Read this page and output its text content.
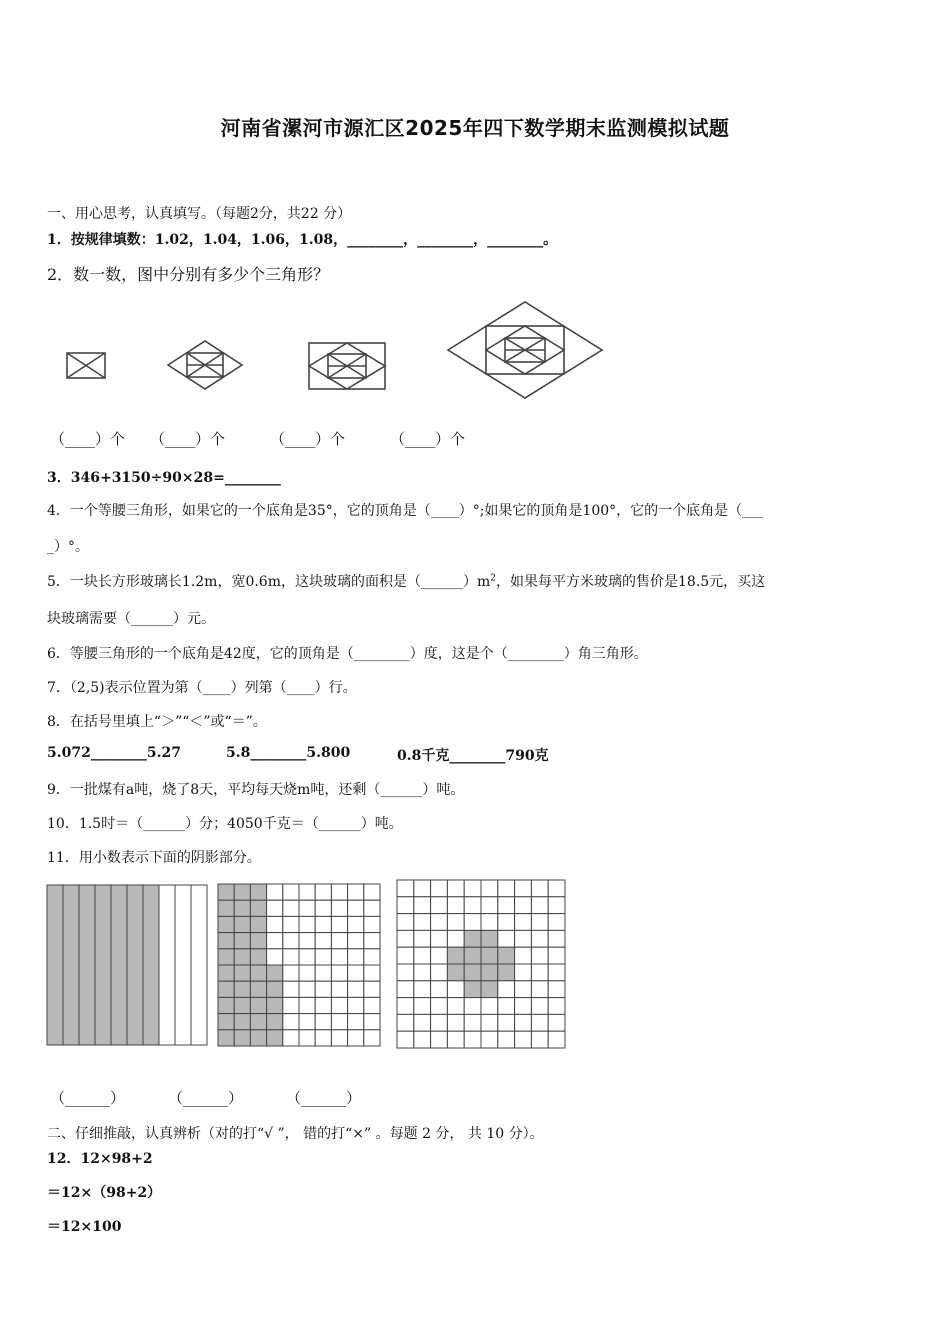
河南省漯河市源汇区2025年四下数学期末监测模拟试题
一、用心思考，认真填写。（每题2分，共22 分）
1．按规律填数：1.02，1.04，1.06，1.08，________，________，________。
2．数一数，图中分别有多少个三角形？
（____）个 （____）个	（____）个	（____）个
3．346+3150÷90×28=________
4．一个等腰三角形，如果它的一个底角是35°，它的顶角是（____）°;如果它的顶角是100°，它的一个底角是（___
_）°。
5．一块长方形玻璃长1.2m，宽0.6m，这块玻璃的面积是$(\_\_\_\_\_\_)m^2$，如果每平方米玻璃的售价是18.5元，买这
块玻璃需要（______）元。
6．等腰三角形的一个底角是42度，它的顶角是（________）度，这是个（________）角三角形。
7．（2,5)表示位置为第（____）列第（____）行。
8．在括号里填上“＞”“＜”或“＝”。
5.072________5.27	5.8________5.800	0.8千克________790克
9．一批煤有a吨，烧了8天，平均每天烧m吨，还剩（______）吨。
10．1.5时＝（______）分；4050千克＝（______）吨。
11．用小数表示下面的阴影部分。
（______）	（______）	（______）
二、仔细推敲，认真辨析（对的打“√ ”， 错的打“×” 。每题 2 分， 共 10 分）。
12．12×98+2
＝12×（98+2）
＝12×100
